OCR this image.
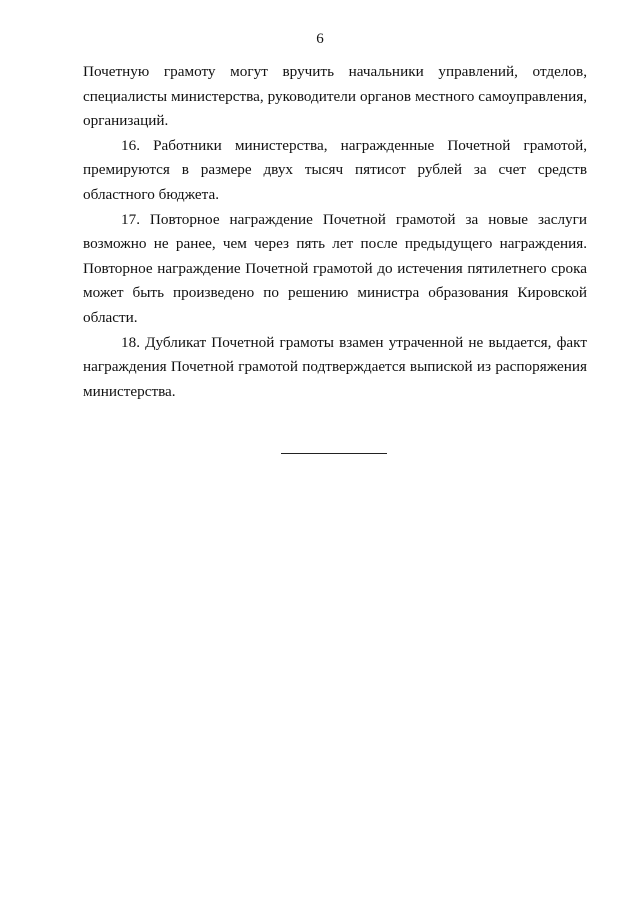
6

Почетную грамоту могут вручить начальники управлений, отделов, специалисты министерства, руководители органов местного самоуправления, организаций.

16. Работники министерства, награжденные Почетной грамотой, премируются в размере двух тысяч пятисот рублей за счет средств областного бюджета.

17. Повторное награждение Почетной грамотой за новые заслуги возможно не ранее, чем через пять лет после предыдущего награждения. Повторное награждение Почетной грамотой до истечения пятилетнего срока может быть произведено по решению министра образования Кировской области.

18. Дубликат Почетной грамоты взамен утраченной не выдается, факт награждения Почетной грамотой подтверждается выпиской из распоряжения министерства.
